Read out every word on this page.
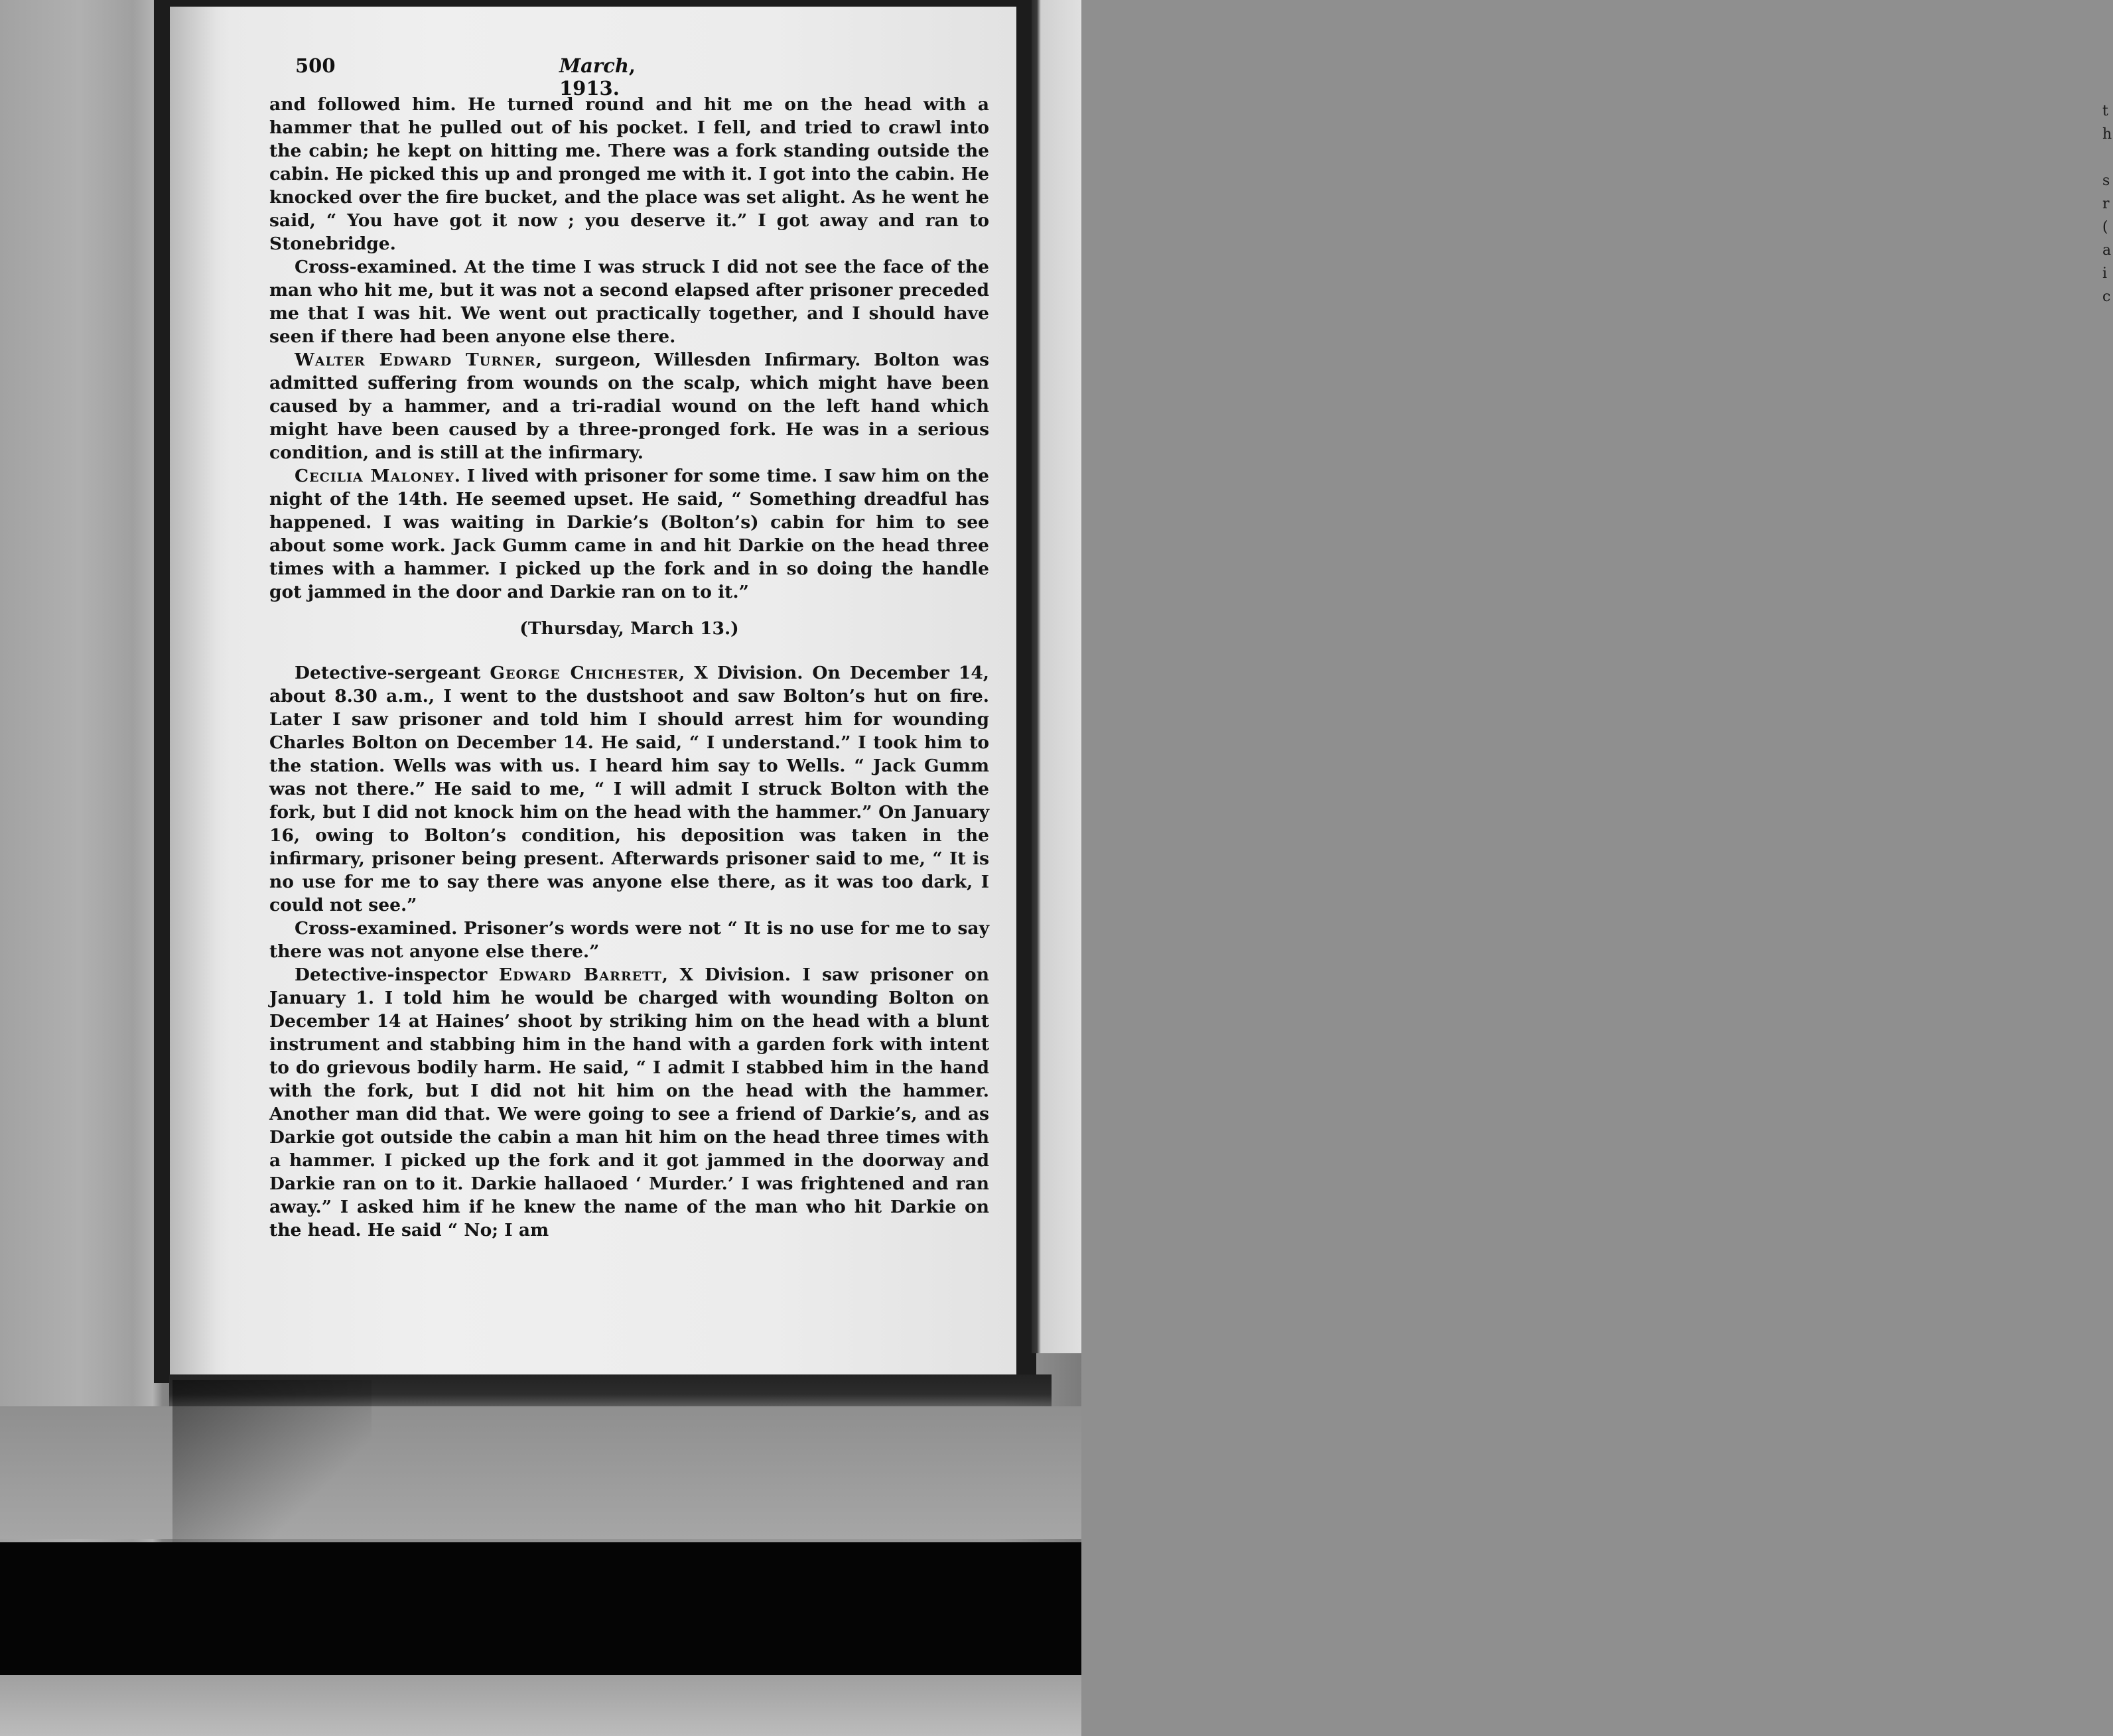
t
h
s
r
(
a
i
c
500	March, 1913.

and followed him. He turned round and hit me on the head with a hammer that he pulled out of his pocket. I fell, and tried to crawl into the cabin; he kept on hitting me. There was a fork standing outside the cabin. He picked this up and pronged me with it. I got into the cabin. He knocked over the fire bucket, and the place was set alight. As he went he said, “ You have got it now ; you deserve it.” I got away and ran to Stonebridge.

Cross-examined. At the time I was struck I did not see the face of the man who hit me, but it was not a second elapsed after prisoner preceded me that I was hit. We went out practically together, and I should have seen if there had been anyone else there.

Walter Edward Turner, surgeon, Willesden Infirmary. Bolton was admitted suffering from wounds on the scalp, which might have been caused by a hammer, and a tri-radial wound on the left hand which might have been caused by a three-pronged fork. He was in a serious condition, and is still at the infirmary.

Cecilia Maloney. I lived with prisoner for some time. I saw him on the night of the 14th. He seemed upset. He said, “ Something dreadful has happened. I was waiting in Darkie’s (Bolton’s) cabin for him to see about some work. Jack Gumm came in and hit Darkie on the head three times with a hammer. I picked up the fork and in so doing the handle got jammed in the door and Darkie ran on to it.”

(Thursday, March 13.)

Detective-sergeant George Chichester, X Division. On December 14, about 8.30 a.m., I went to the dustshoot and saw Bolton’s hut on fire. Later I saw prisoner and told him I should arrest him for wounding Charles Bolton on December 14. He said, “ I understand.” I took him to the station. Wells was with us. I heard him say to Wells. “ Jack Gumm was not there.” He said to me, “ I will admit I struck Bolton with the fork, but I did not knock him on the head with the hammer.” On January 16, owing to Bolton’s condition, his deposition was taken in the infirmary, prisoner being present. Afterwards prisoner said to me, “ It is no use for me to say there was anyone else there, as it was too dark, I could not see.”

Cross-examined. Prisoner’s words were not “ It is no use for me to say there was not anyone else there.”

Detective-inspector Edward Barrett, X Division. I saw prisoner on January 1. I told him he would be charged with wounding Bolton on December 14 at Haines’ shoot by striking him on the head with a blunt instrument and stabbing him in the hand with a garden fork with intent to do grievous bodily harm. He said, “ I admit I stabbed him in the hand with the fork, but I did not hit him on the head with the hammer. Another man did that. We were going to see a friend of Darkie’s, and as Darkie got outside the cabin a man hit him on the head three times with a hammer. I picked up the fork and it got jammed in the doorway and Darkie ran on to it. Darkie hallaoed ‘ Murder.’ I was frightened and ran away.” I asked him if he knew the name of the man who hit Darkie on the head. He said “ No; I am
